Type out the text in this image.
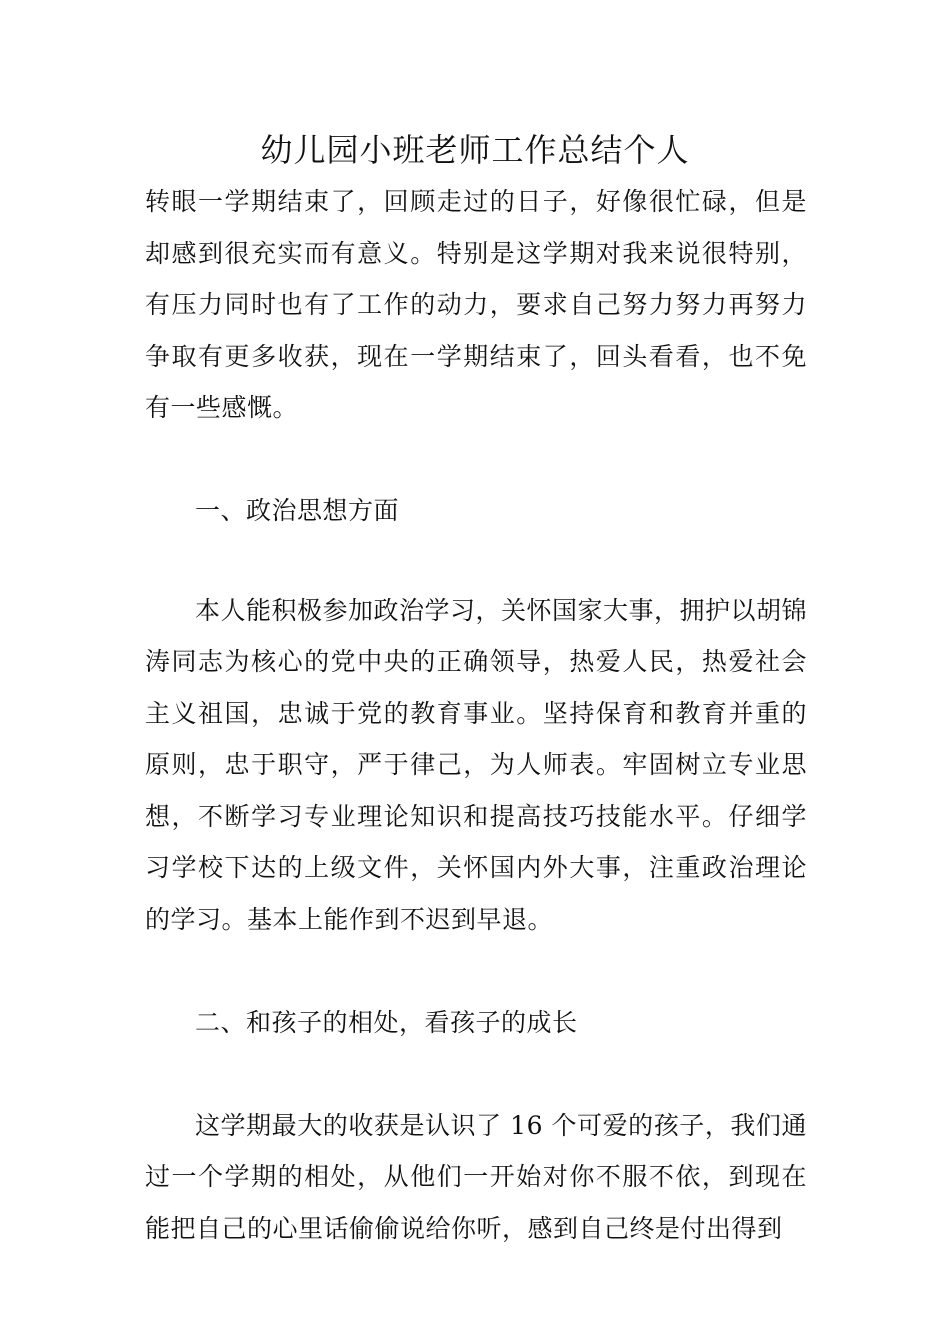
幼儿园小班老师工作总结个人

转眼一学期结束了，回顾走过的日子，好像很忙碌，但是却感到很充实而有意义。特别是这学期对我来说很特别，有压力同时也有了工作的动力，要求自己努力努力再努力争取有更多收获，现在一学期结束了，回头看看，也不免有一些感慨。

一、政治思想方面

本人能积极参加政治学习，关怀国家大事，拥护以胡锦涛同志为核心的党中央的正确领导，热爱人民，热爱社会主义祖国，忠诚于党的教育事业。坚持保育和教育并重的原则，忠于职守，严于律己，为人师表。牢固树立专业思想，不断学习专业理论知识和提高技巧技能水平。仔细学习学校下达的上级文件，关怀国内外大事，注重政治理论的学习。基本上能作到不迟到早退。

二、和孩子的相处，看孩子的成长

这学期最大的收获是认识了 16 个可爱的孩子，我们通过一个学期的相处，从他们一开始对你不服不依，到现在能把自己的心里话偷偷说给你听，感到自己终是付出得到
